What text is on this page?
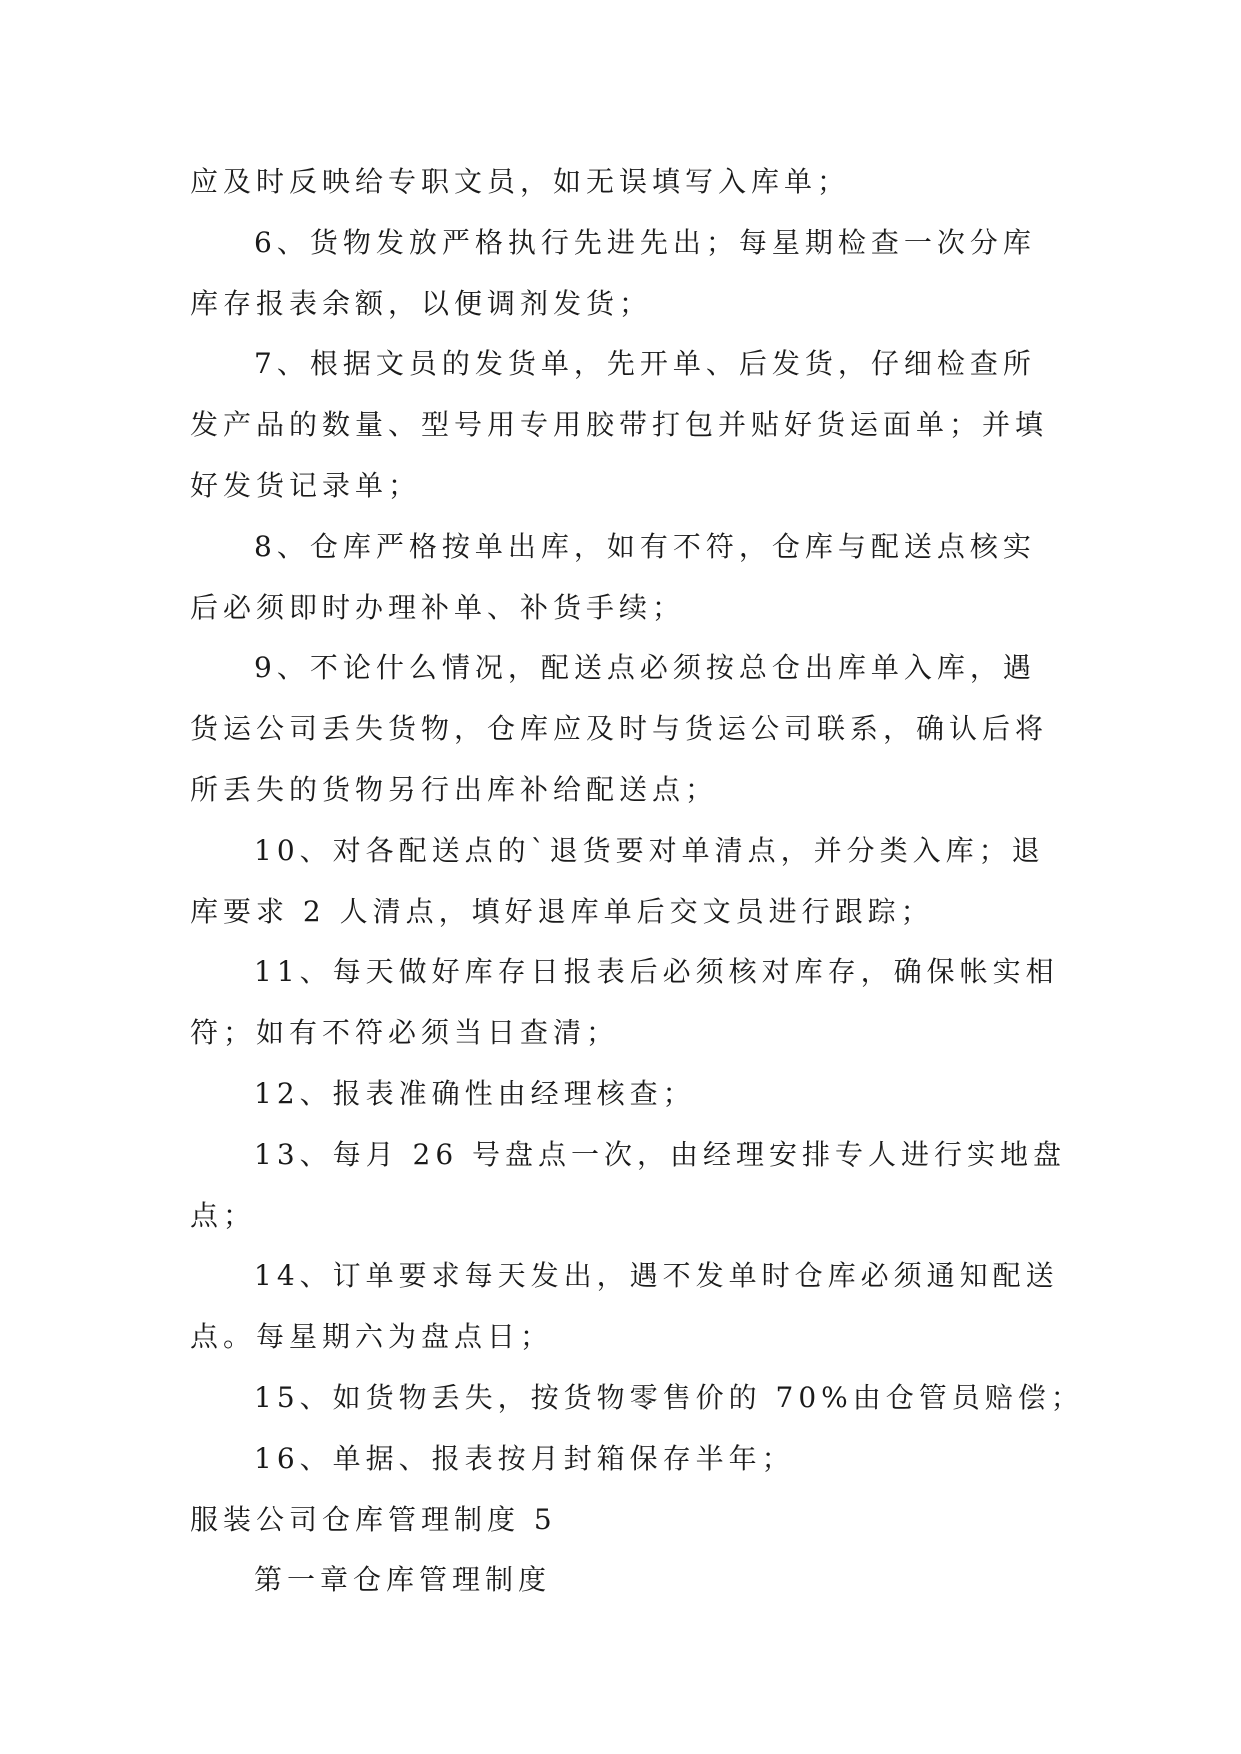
应及时反映给专职文员，如无误填写入库单；
6、货物发放严格执行先进先出；每星期检查一次分库
库存报表余额，以便调剂发货；
7、根据文员的发货单，先开单、后发货，仔细检查所
发产品的数量、型号用专用胶带打包并贴好货运面单；并填
好发货记录单；
8、仓库严格按单出库，如有不符，仓库与配送点核实
后必须即时办理补单、补货手续；
9、不论什么情况，配送点必须按总仓出库单入库，遇
货运公司丢失货物，仓库应及时与货运公司联系，确认后将
所丢失的货物另行出库补给配送点；
10、对各配送点的`退货要对单清点，并分类入库；退
库要求 2 人清点，填好退库单后交文员进行跟踪；
11、每天做好库存日报表后必须核对库存，确保帐实相
符；如有不符必须当日查清；
12、报表准确性由经理核查；
13、每月 26 号盘点一次，由经理安排专人进行实地盘
点；
14、订单要求每天发出，遇不发单时仓库必须通知配送
点。每星期六为盘点日；
15、如货物丢失，按货物零售价的 70%由仓管员赔偿；
16、单据、报表按月封箱保存半年；
服装公司仓库管理制度 5
第一章仓库管理制度
